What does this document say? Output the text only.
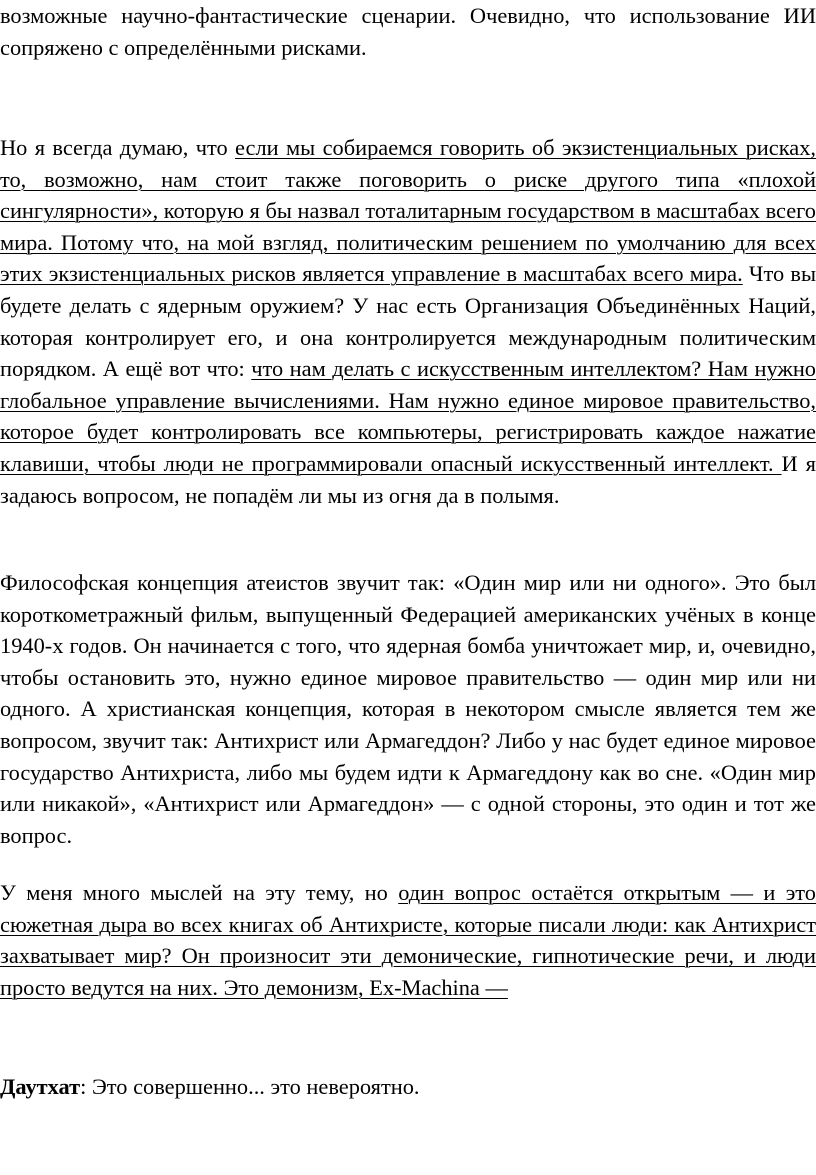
возможные научно-фантастические сценарии. Очевидно, что использование ИИ сопряжено с определёнными рисками.

Но я всегда думаю, что если мы собираемся говорить об экзистенциальных рисках, то, возможно, нам стоит также поговорить о риске другого типа «плохой сингулярности», которую я бы назвал тоталитарным государством в масштабах всего мира. Потому что, на мой взгляд, политическим решением по умолчанию для всех этих экзистенциальных рисков является управление в масштабах всего мира. Что вы будете делать с ядерным оружием? У нас есть Организация Объединённых Наций, которая контролирует его, и она контролируется международным политическим порядком. А ещё вот что: что нам делать с искусственным интеллектом? Нам нужно глобальное управление вычислениями. Нам нужно единое мировое правительство, которое будет контролировать все компьютеры, регистрировать каждое нажатие клавиши, чтобы люди не программировали опасный искусственный интеллект. И я задаюсь вопросом, не попадём ли мы из огня да в полымя.

Философская концепция атеистов звучит так: «Один мир или ни одного». Это был короткометражный фильм, выпущенный Федерацией американских учёных в конце 1940-х годов. Он начинается с того, что ядерная бомба уничтожает мир, и, очевидно, чтобы остановить это, нужно единое мировое правительство — один мир или ни одного. А христианская концепция, которая в некотором смысле является тем же вопросом, звучит так: Антихрист или Армагеддон? Либо у нас будет единое мировое государство Антихриста, либо мы будем идти к Армагеддону как во сне. «Один мир или никакой», «Антихрист или Армагеддон» — с одной стороны, это один и тот же вопрос.

У меня много мыслей на эту тему, но один вопрос остаётся открытым — и это сюжетная дыра во всех книгах об Антихристе, которые писали люди: как Антихрист захватывает мир? Он произносит эти демонические, гипнотические речи, и люди просто ведутся на них. Это демонизм, Ex-Machina —

Даутхат: Это совершенно... это невероятно.
